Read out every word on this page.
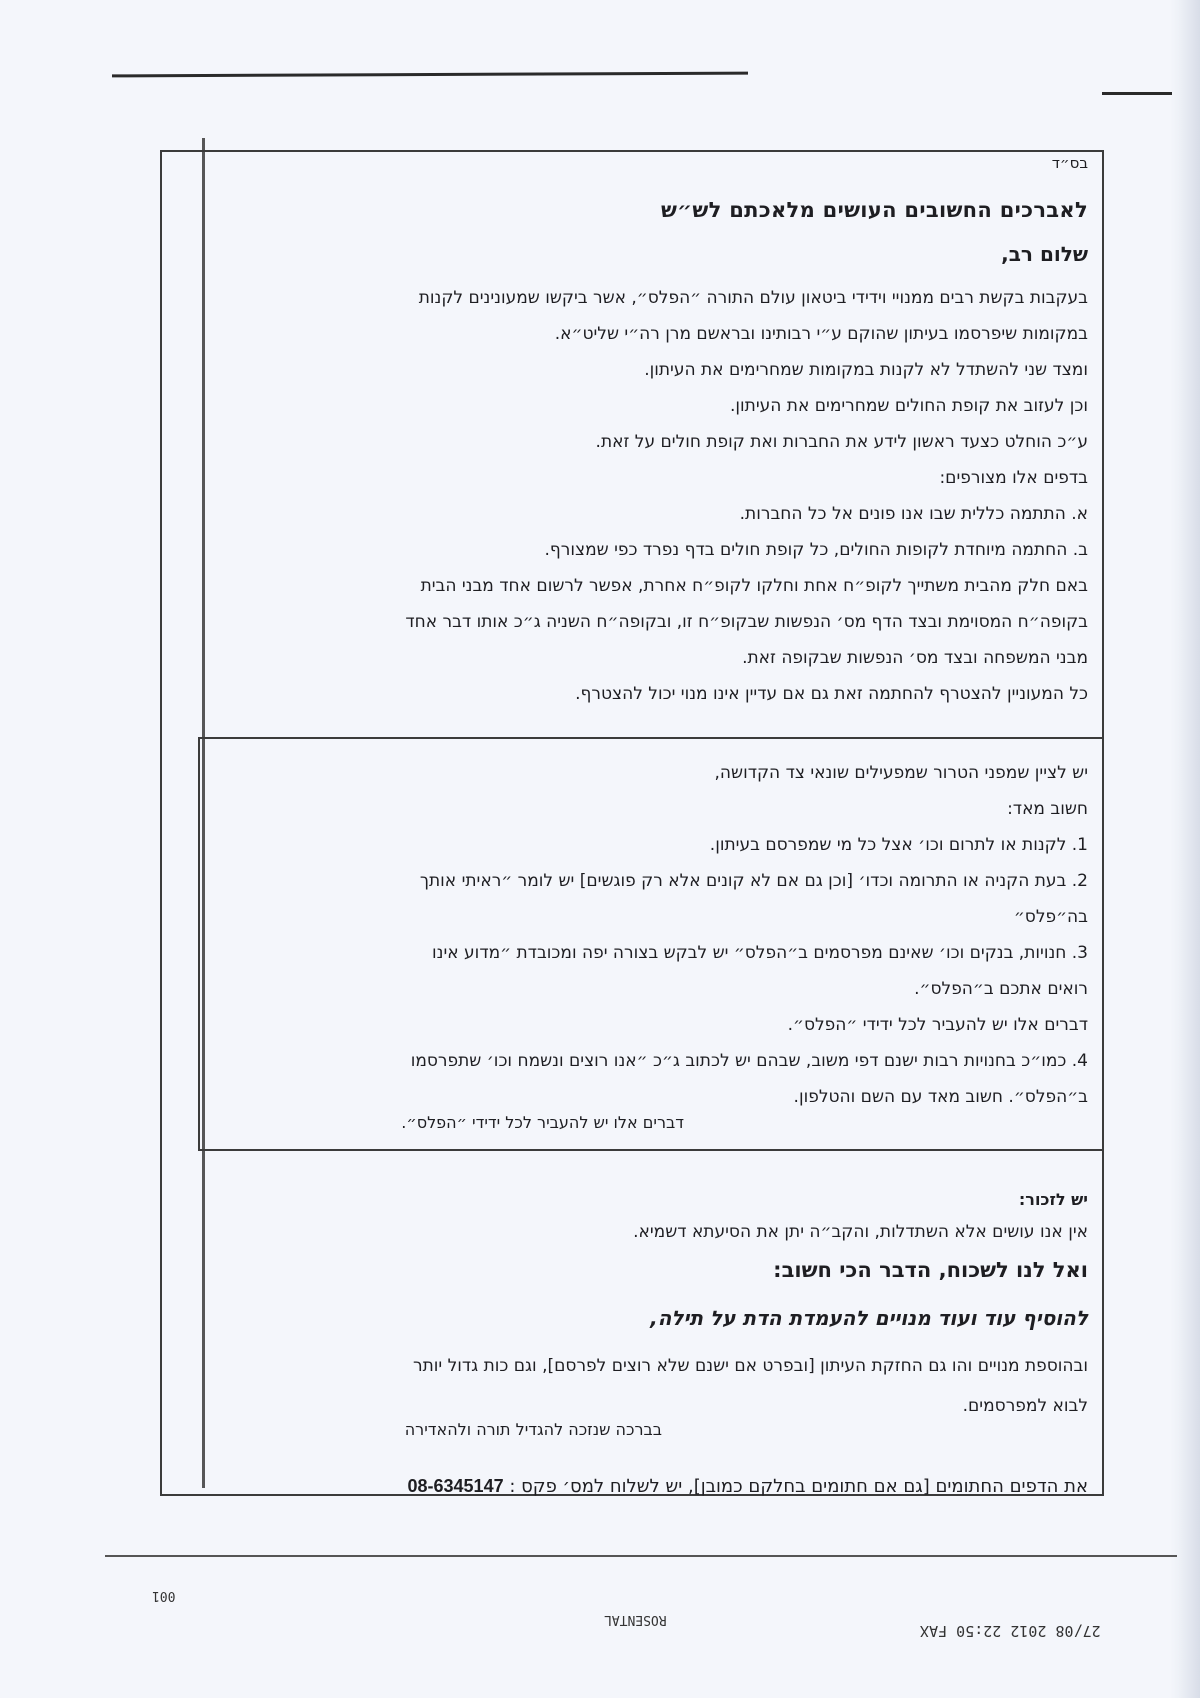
בס״ד
לאברכים החשובים העושים מלאכתם לש״ש
שלום רב,

בעקבות בקשת רבים ממנויי וידידי ביטאון עולם התורה ״הפלס״, אשר ביקשו שמעונינים לקנות

במקומות שיפרסמו בעיתון שהוקם ע״י רבותינו ובראשם מרן רה״י שליט״א.

ומצד שני להשתדל לא לקנות במקומות שמחרימים את העיתון.

וכן לעזוב את קופת החולים שמחרימים את העיתון.

ע״כ הוחלט כצעד ראשון לידע את החברות ואת קופת חולים על זאת.

בדפים אלו מצורפים:

א. התתמה כללית שבו אנו פונים אל כל החברות.

ב. החתמה מיוחדת לקופות החולים, כל קופת חולים בדף נפרד כפי שמצורף.

באם חלק מהבית משתייך לקופ״ח אחת וחלקו לקופ״ח אחרת, אפשר לרשום אחד מבני הבית

בקופה״ח המסוימת ובצד הדף מס׳ הנפשות שבקופ״ח זו, ובקופה״ח השניה ג״כ אותו דבר אחד

מבני המשפחה ובצד מס׳ הנפשות שבקופה זאת.

כל המעוניין להצטרף להחתמה זאת גם אם עדיין אינו מנוי יכול להצטרף.

יש לציין שמפני הטרור שמפעילים שונאי צד הקדושה,

חשוב מאד:

1. לקנות או לתרום וכו׳ אצל כל מי שמפרסם בעיתון.

2. בעת הקניה או התרומה וכדו׳ [וכן גם אם לא קונים אלא רק פוגשים] יש לומר ״ראיתי אותך

בה״פלס״

3. חנויות, בנקים וכו׳ שאינם מפרסמים ב״הפלס״ יש לבקש בצורה יפה ומכובדת ״מדוע אינו

רואים אתכם ב״הפלס״.

דברים אלו יש להעביר לכל ידידי ״הפלס״.

4. כמו״כ בחנויות רבות ישנם דפי משוב, שבהם יש לכתוב ג״כ ״אנו רוצים ונשמח וכו׳ שתפרסמו

ב״הפלס״. חשוב מאד עם השם והטלפון.

דברים אלו יש להעביר לכל ידידי ״הפלס״.
יש לזכור:
אין אנו עושים אלא השתדלות, והקב״ה יתן את הסיעתא דשמיא.
ואל לנו לשכוח, הדבר הכי חשוב:
להוסיף עוד ועוד מנויים להעמדת הדת על תילה,

ובהוספת מנויים והו גם החזקת העיתון [ובפרט אם ישנם שלא רוצים לפרסם], וגם כות גדול יותר

לבוא למפרסמים.

בברכה שנזכה להגדיל תורה ולהאדירה
את הדפים החתומים [גם אם חתומים בחלקם כמובן], יש לשלוח למס׳ פקס : 08-6345147
001
ROSENTAL
27/08 2012 22:50 FAX
